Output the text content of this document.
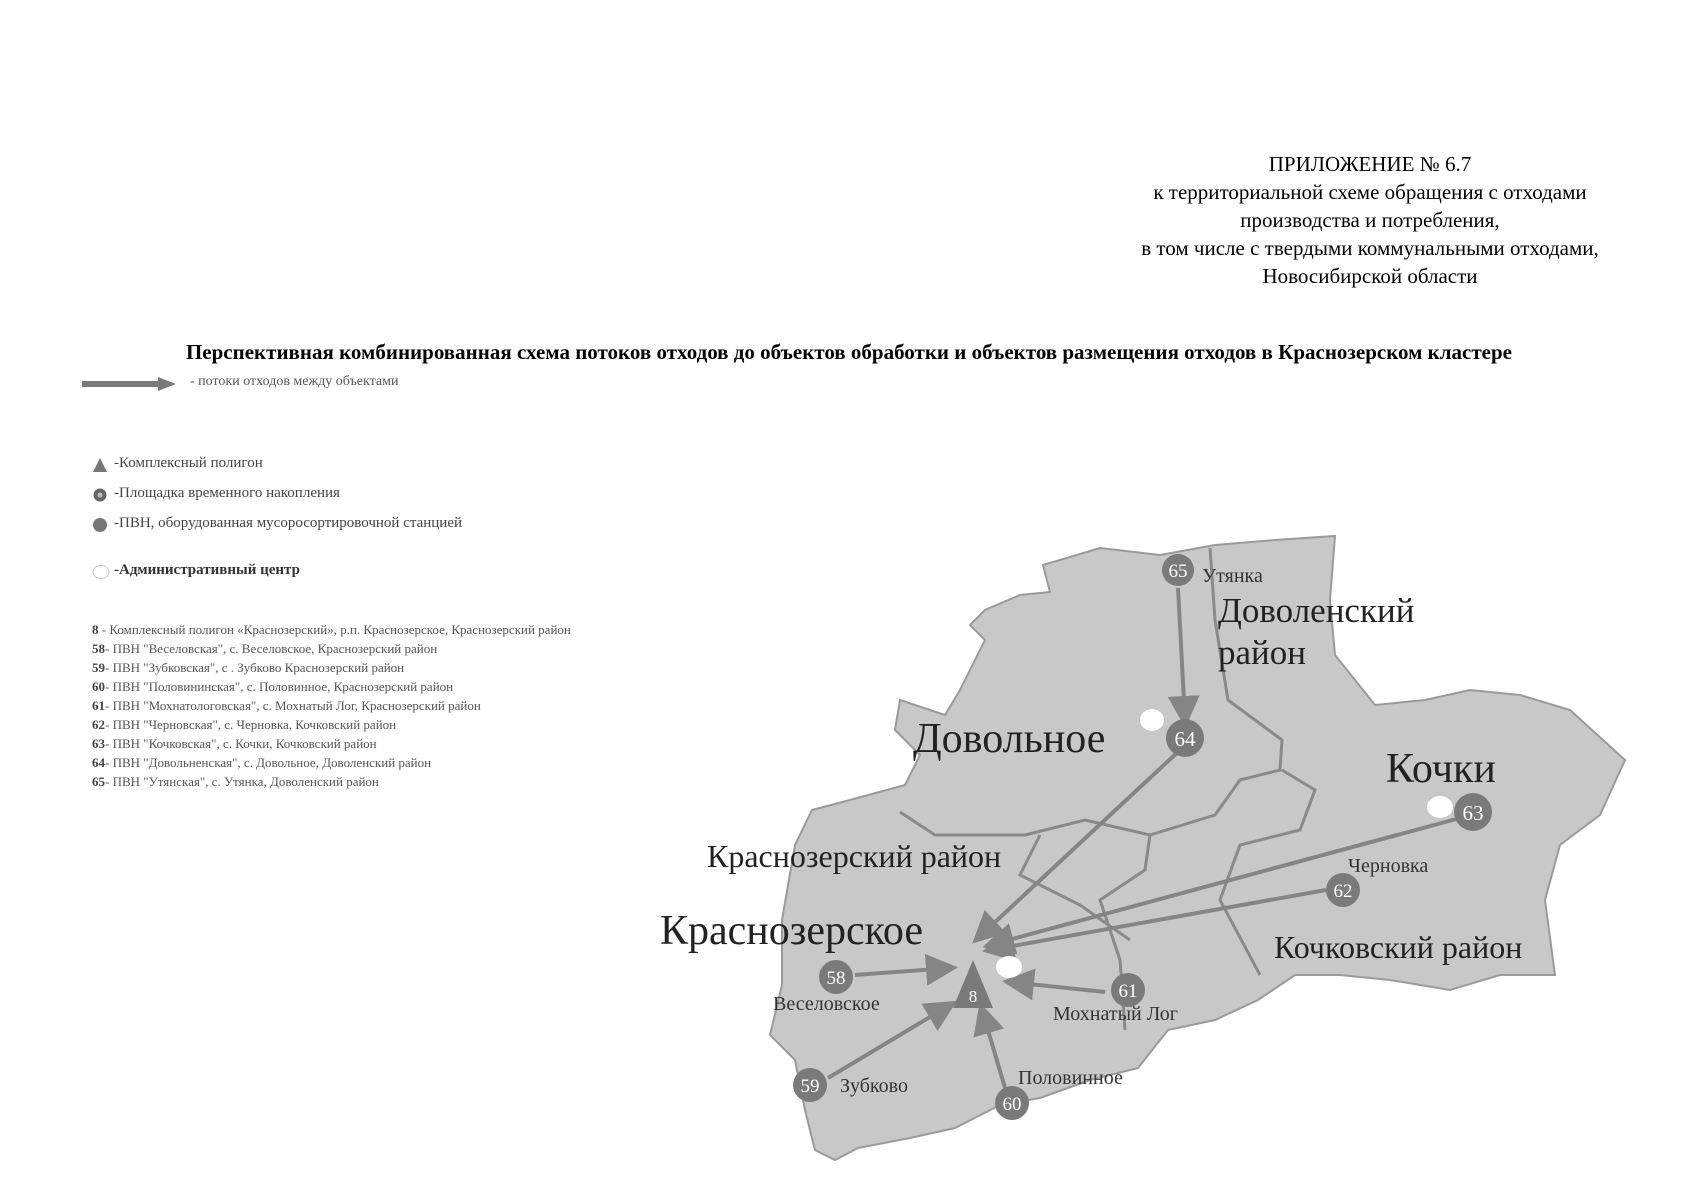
ПРИЛОЖЕНИЕ № 6.7
к территориальной схеме обращения с отходами
производства и потребления,
в том числе с твердыми коммунальными отходами,
Новосибирской области
Перспективная комбинированная схема потоков отходов до объектов обработки и объектов размещения отходов в Краснозерском кластере
- потоки отходов между объектами
-Комплексный полигон
-Площадка временного накопления
-ПВН, оборудованная мусоросортировочной станцией
-Административный центр
8 - Комплексный полигон «Краснозерский», р.п. Краснозерское, Краснозерский район
58- ПВН "Веселовская", с. Веселовское, Краснозерский район
59- ПВН "Зубковская", с . Зубково Краснозерский район
60- ПВН "Половининская", с. Половинное, Краснозерский район
61- ПВН "Мохнатологовская", с. Мохнатый Лог, Краснозерский район
62- ПВН "Черновская", с. Черновка, Кочковский район
63- ПВН "Кочковская", с. Кочки, Кочковский район
64- ПВН "Довольненская", с. Довольное, Доволенский район
65- ПВН "Утянская", с. Утянка, Доволенский район
65
64
63
62
61
58
59
60
8
Доволенский
район
Краснозерский район
Кочковский район
Довольное
Кочки
Краснозерское
Утянка
Черновка
Веселовское	Мохнатый Лог
Зубково	Половинное
